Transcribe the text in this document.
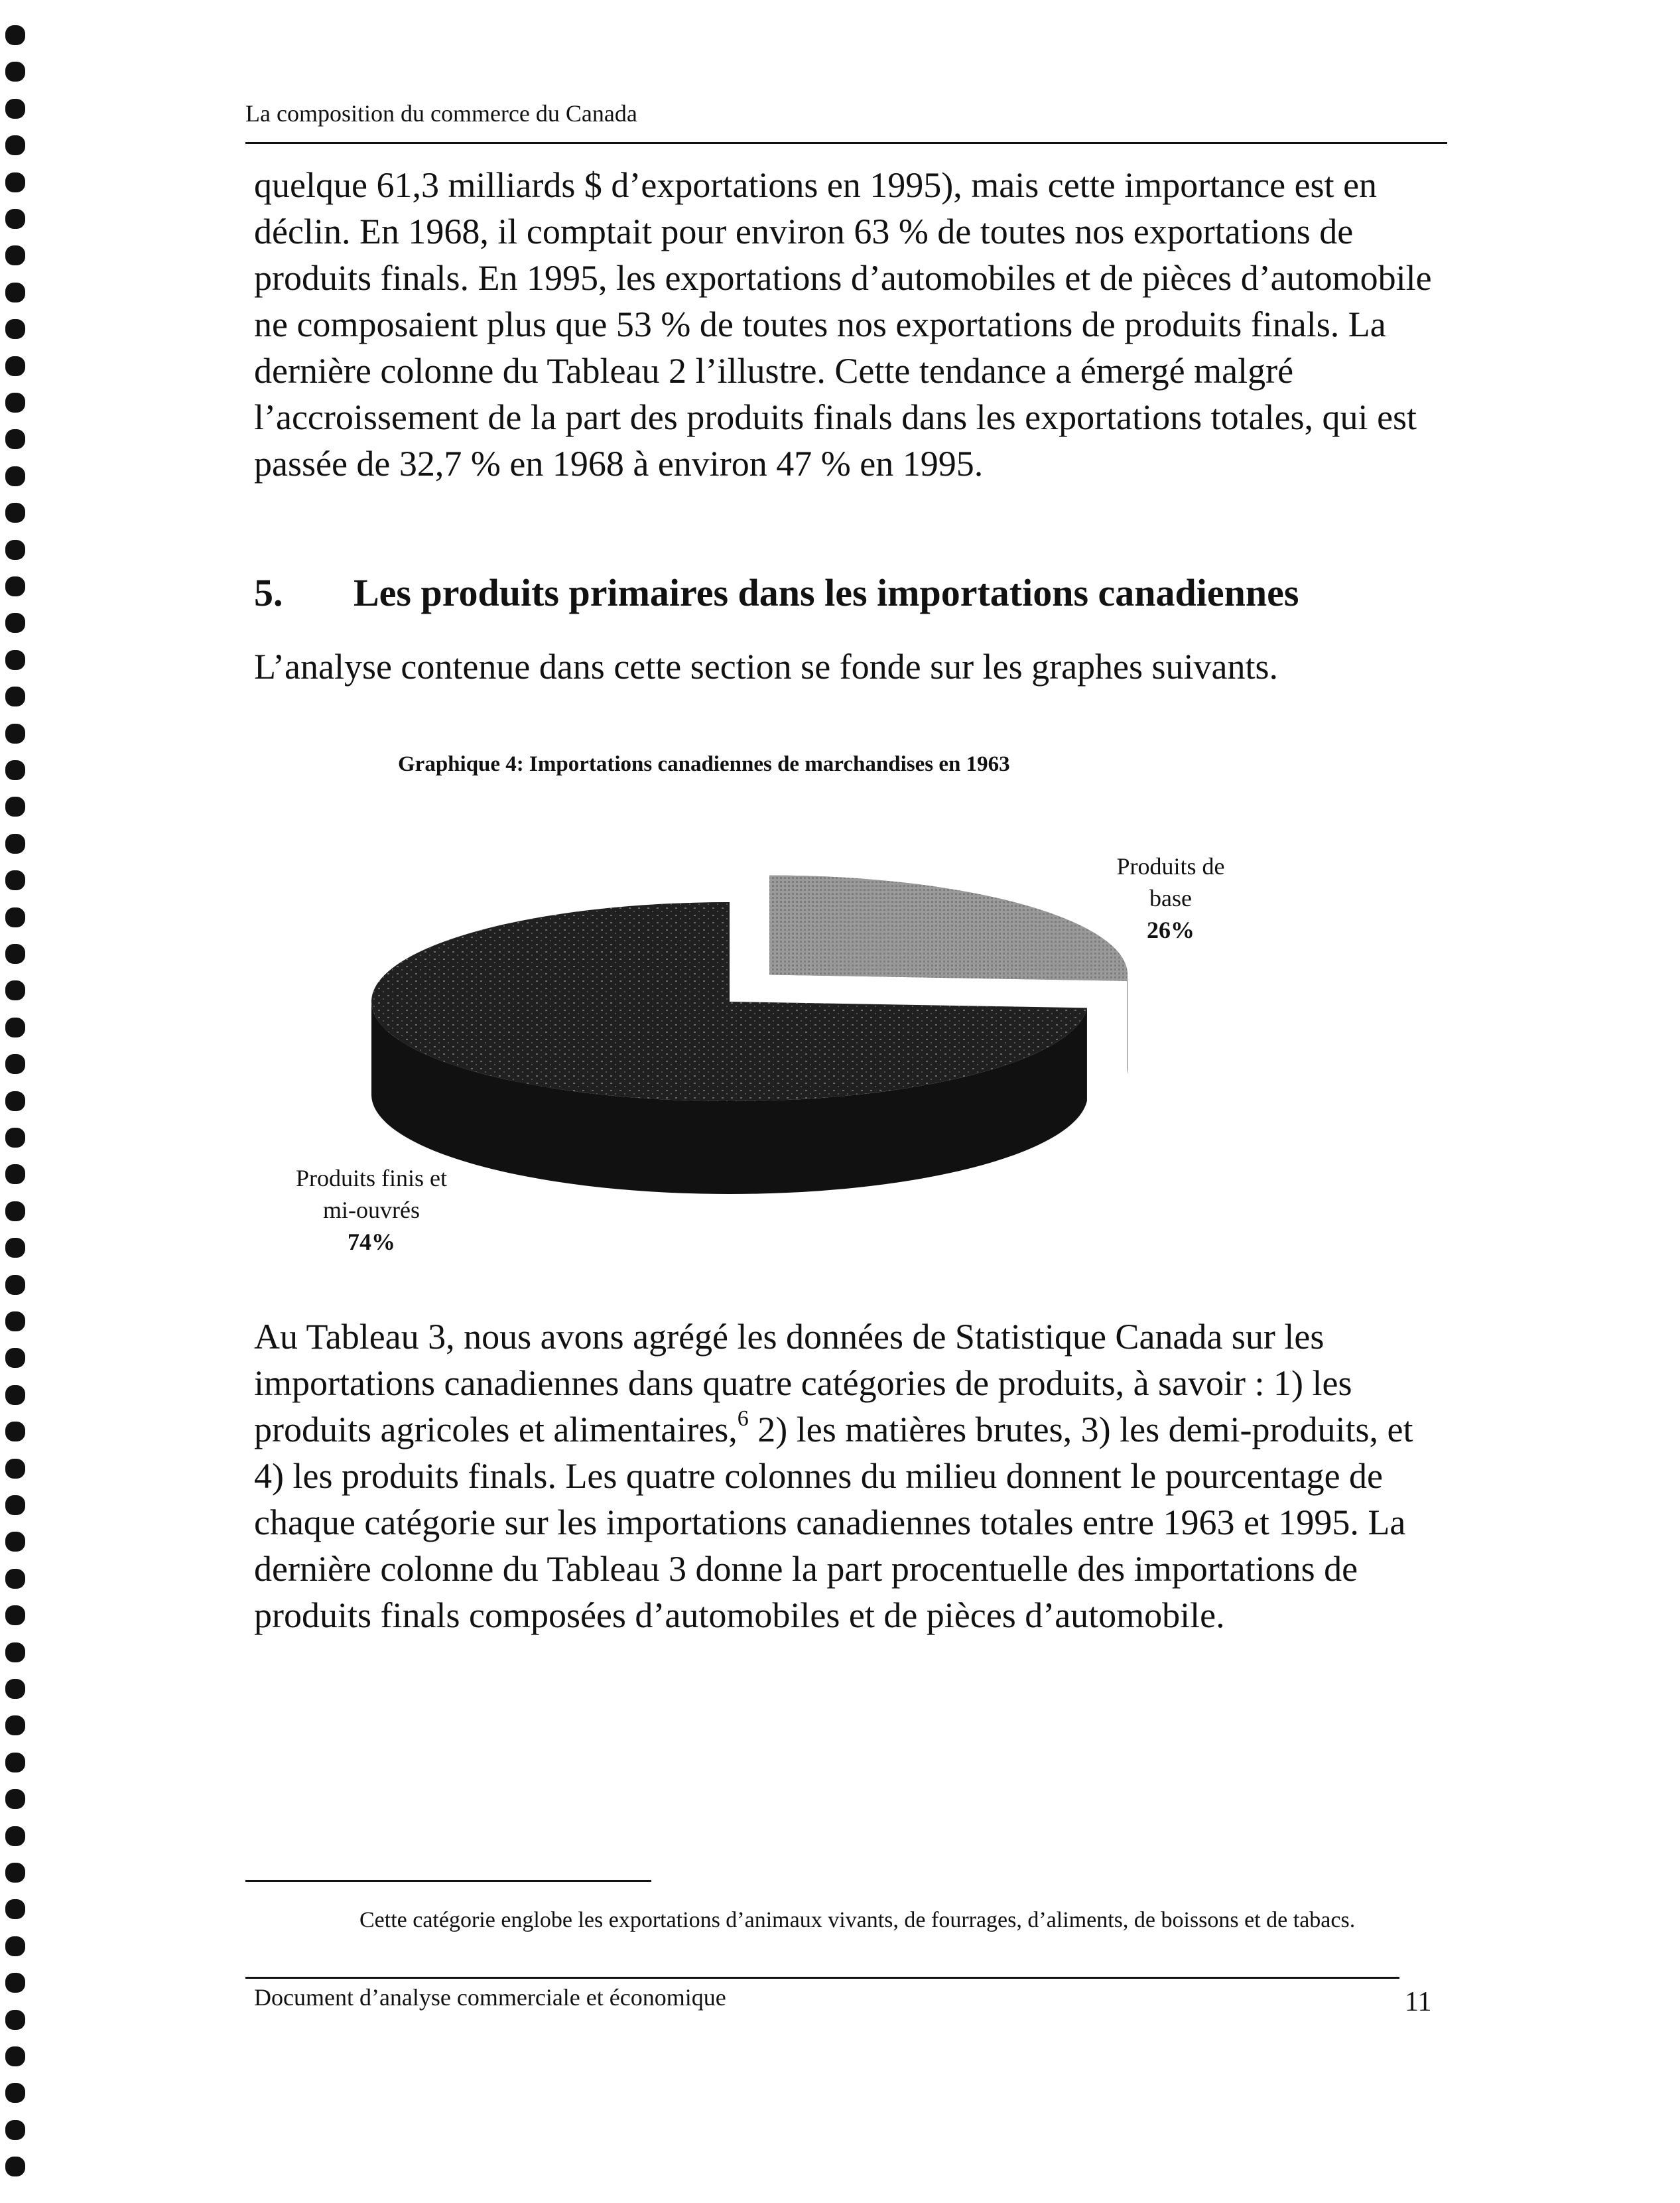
La composition du commerce du Canada

quelque 61,3 milliards $ d’exportations en 1995), mais cette importance est en déclin. En 1968, il comptait pour environ 63 % de toutes nos exportations de produits finals. En 1995, les exportations d’automobiles et de pièces d’automobile ne composaient plus que 53 % de toutes nos exportations de produits finals. La dernière colonne du Tableau 2 l’illustre. Cette tendance a émergé malgré l’accroissement de la part des produits finals dans les exportations totales, qui est passée de 32,7 % en 1968 à environ 47 % en 1995.

5. Les produits primaires dans les importations canadiennes

L’analyse contenue dans cette section se fonde sur les graphes suivants.

Graphique 4: Importations canadiennes de marchandises en 1963
Produits de
base
26%
Produits finis et
mi-ouvrés
74%

Au Tableau 3, nous avons agrégé les données de Statistique Canada sur les importations canadiennes dans quatre catégories de produits, à savoir : 1) les produits agricoles et alimentaires,$^6$ 2) les matières brutes, 3) les demi-produits, et 4) les produits finals. Les quatre colonnes du milieu donnent le pourcentage de chaque catégorie sur les importations canadiennes totales entre 1963 et 1995. La dernière colonne du Tableau 3 donne la part procentuelle des importations de produits finals composées d’automobiles et de pièces d’automobile.

Cette catégorie englobe les exportations d’animaux vivants, de fourrages, d’aliments, de boissons et de tabacs.

Document d’analyse commerciale et économique	11
